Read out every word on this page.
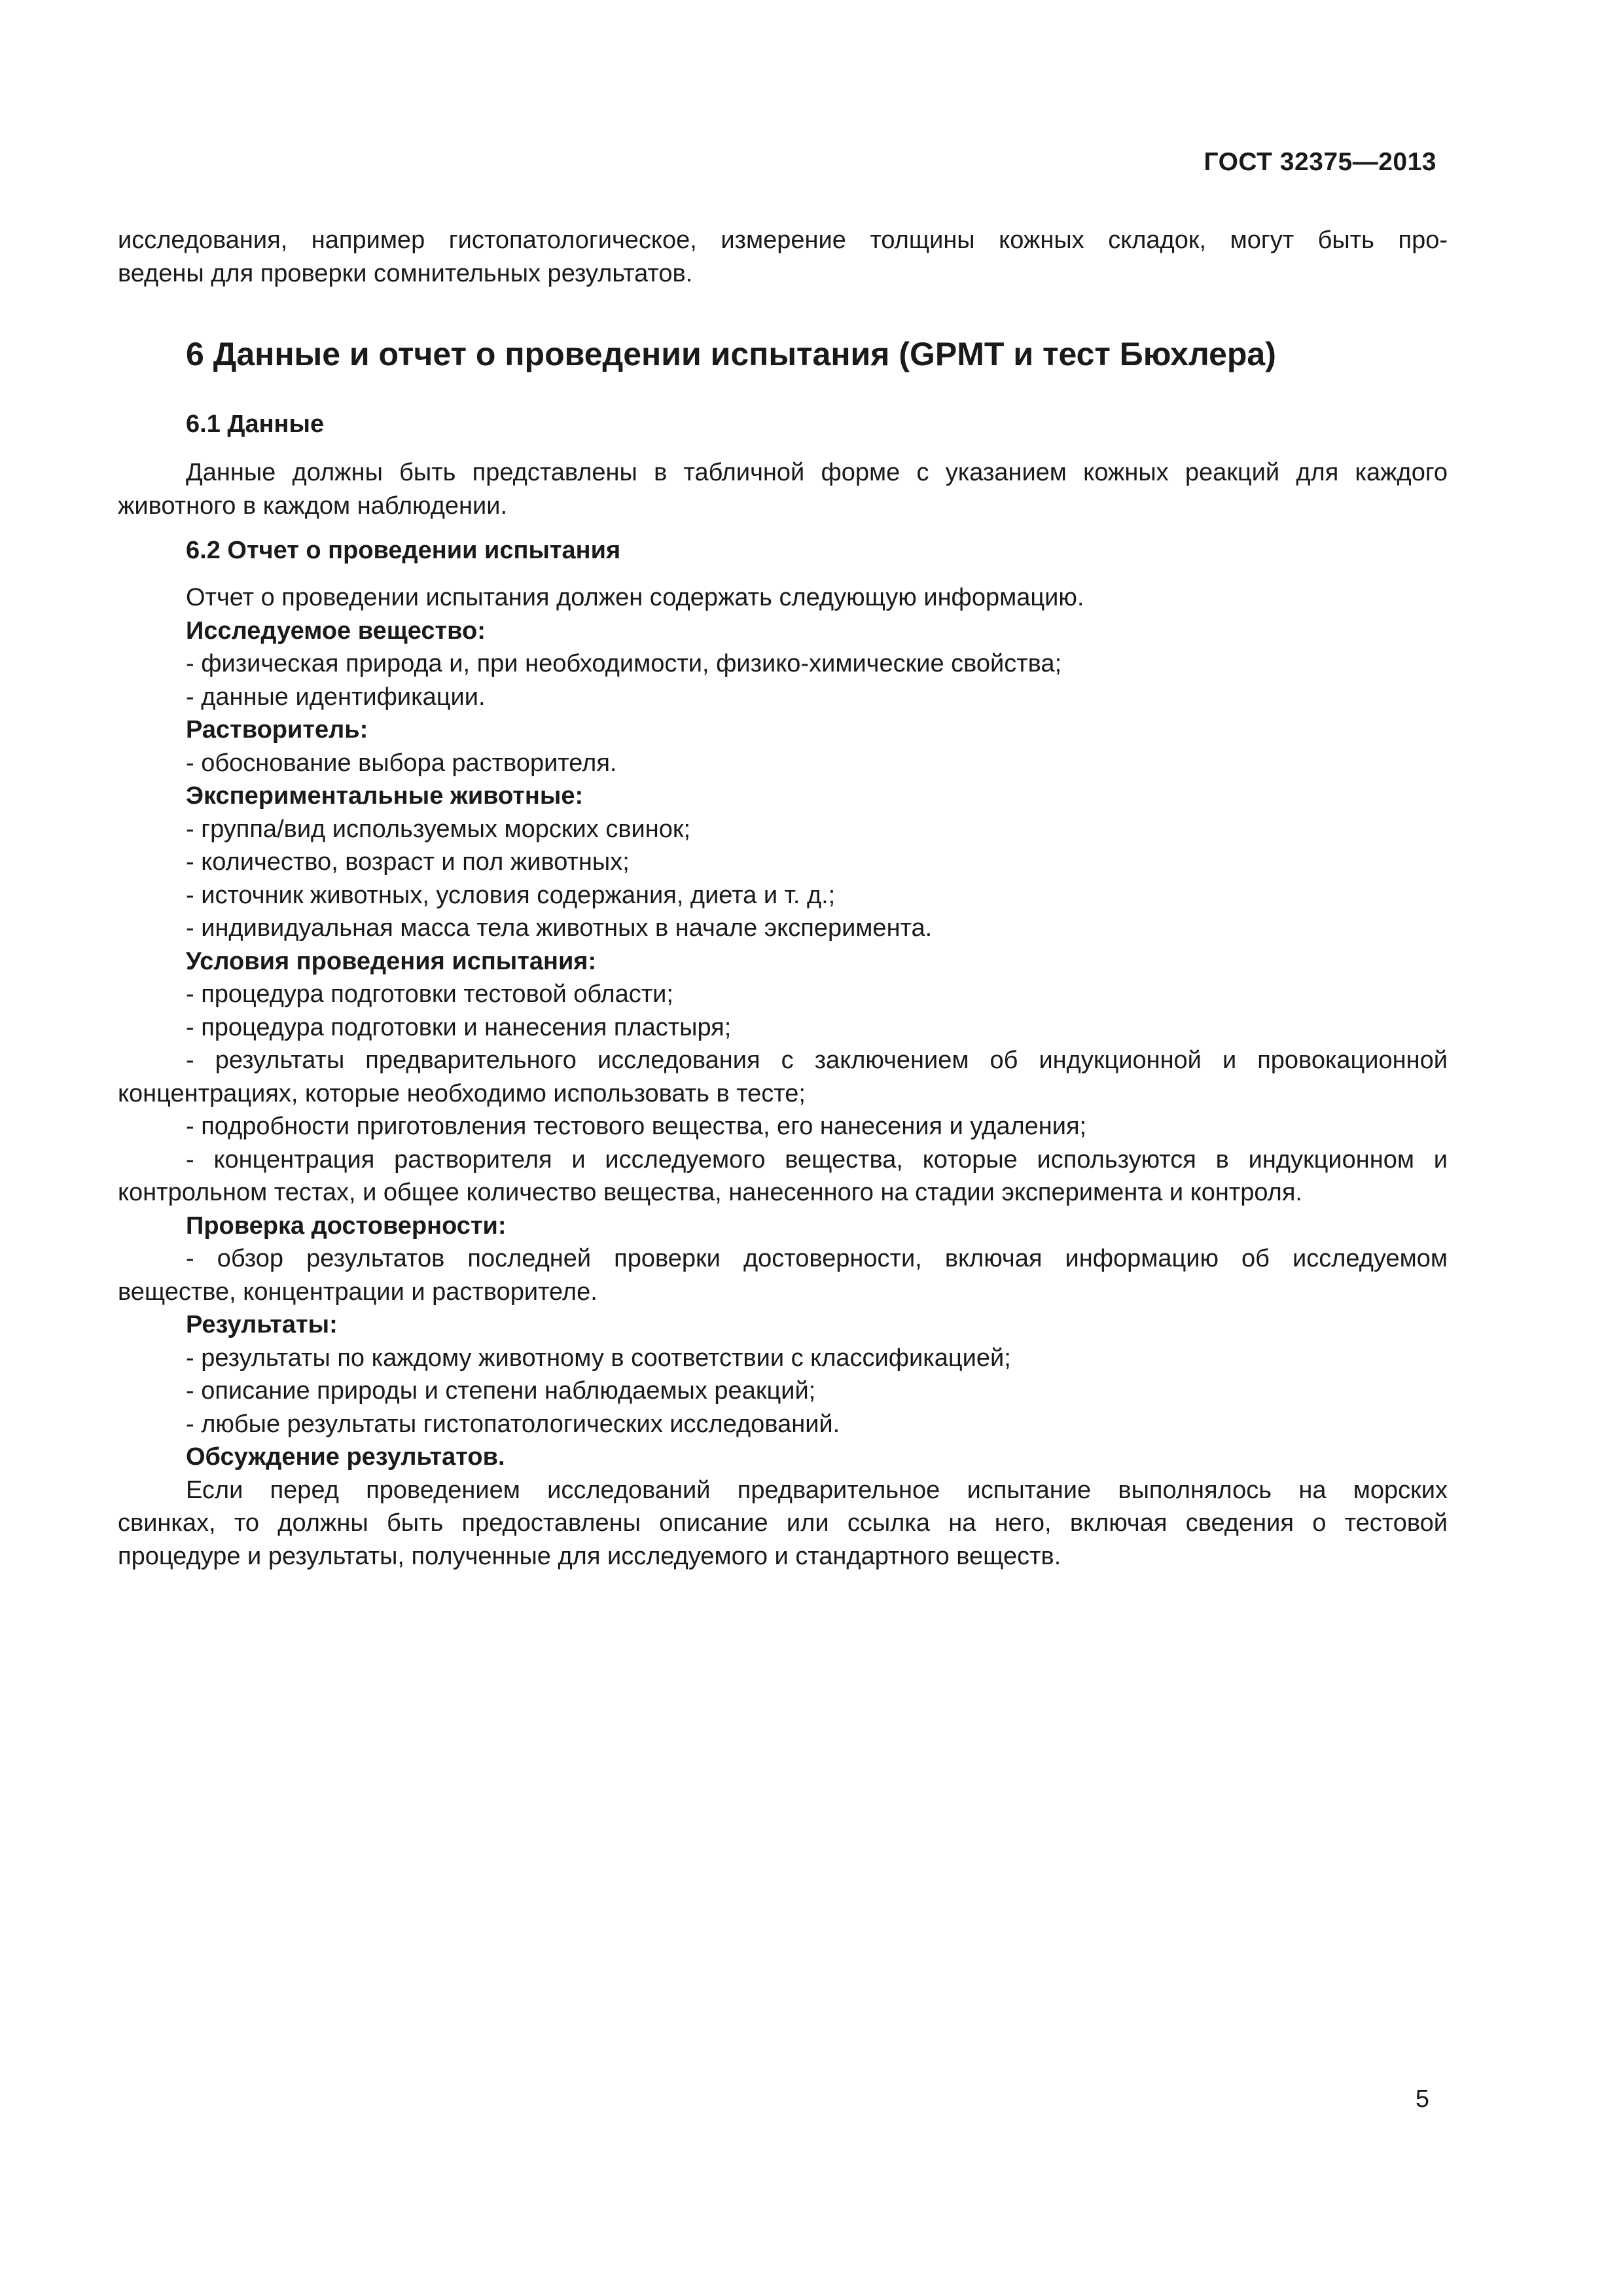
ГОСТ 32375—2013

исследования, например гистопатологическое, измерение толщины кожных складок, могут быть про-

ведены для проверки сомнительных результатов.

6 Данные и отчет о проведении испытания (GPMT и тест Бюхлера)
6.1 Данные

Данные должны быть представлены в табличной форме с указанием кожных реакций для каждого

животного в каждом наблюдении.

6.2 Отчет о проведении испытания

Отчет о проведении испытания должен содержать следующую информацию.

Исследуемое вещество:

- физическая природа и, при необходимости, физико-химические свойства;

- данные идентификации.

Растворитель:

- обоснование выбора растворителя.

Экспериментальные животные:

- группа/вид используемых морских свинок;

- количество, возраст и пол животных;

- источник животных, условия содержания, диета и т. д.;

- индивидуальная масса тела животных в начале эксперимента.

Условия проведения испытания:

- процедура подготовки тестовой области;

- процедура подготовки и нанесения пластыря;

- результаты предварительного исследования с заключением об индукционной и провокационной

концентрациях, которые необходимо использовать в тесте;

- подробности приготовления тестового вещества, его нанесения и удаления;

- концентрация растворителя и исследуемого вещества, которые используются в индукционном и

контрольном тестах, и общее количество вещества, нанесенного на стадии эксперимента и контроля.

Проверка достоверности:

- обзор результатов последней проверки достоверности, включая информацию об исследуемом

веществе, концентрации и растворителе.

Результаты:

- результаты по каждому животному в соответствии с классификацией;

- описание природы и степени наблюдаемых реакций;

- любые результаты гистопатологических исследований.

Обсуждение результатов.

Если перед проведением исследований предварительное испытание выполнялось на морских

свинках, то должны быть предоставлены описание или ссылка на него, включая сведения о тестовой

процедуре и результаты, полученные для исследуемого и стандартного веществ.

5
